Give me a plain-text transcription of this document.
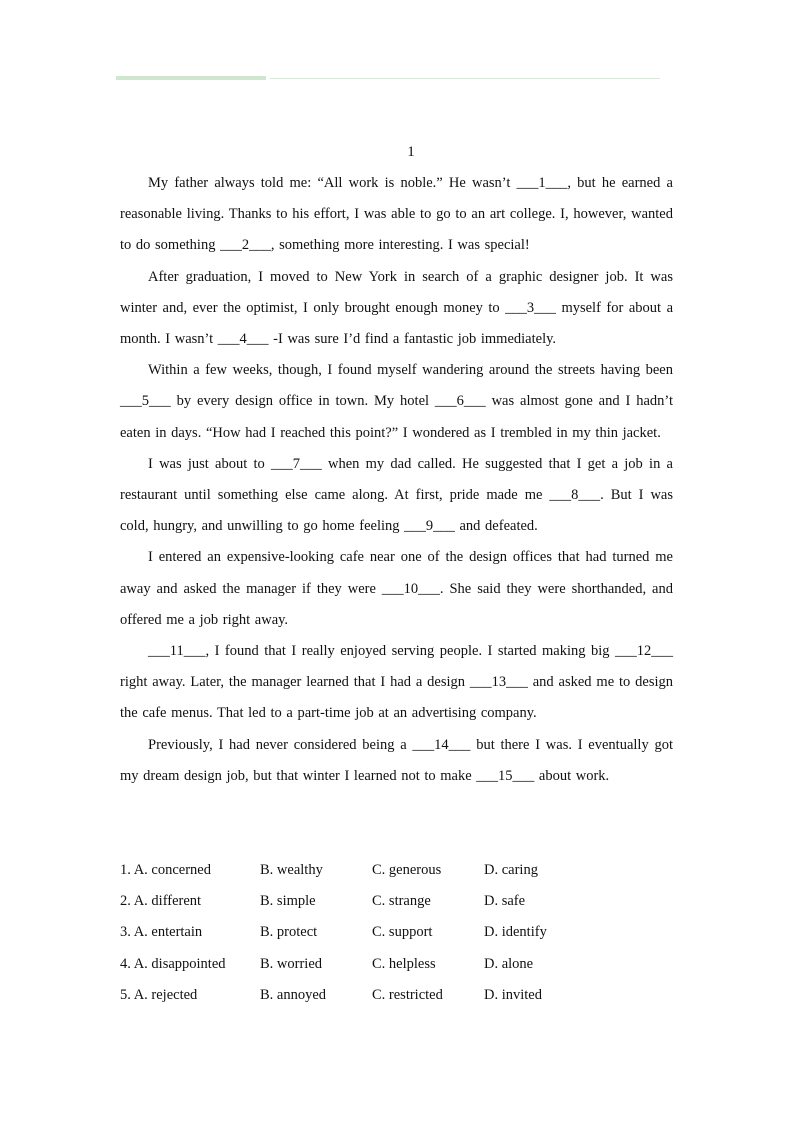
1

My father always told me: “All work is noble.” He wasn’t ___1___, but he earned a reasonable living. Thanks to his effort, I was able to go to an art college. I, however, wanted to do something ___2___, something more interesting. I was special!

After graduation, I moved to New York in search of a graphic designer job. It was winter and, ever the optimist, I only brought enough money to ___3___ myself for about a month. I wasn’t ___4___ -I was sure I’d find a fantastic job immediately.

Within a few weeks, though, I found myself wandering around the streets having been ___5___ by every design office in town. My hotel ___6___ was almost gone and I hadn’t eaten in days. “How had I reached this point?” I wondered as I trembled in my thin jacket.

I was just about to ___7___ when my dad called. He suggested that I get a job in a restaurant until something else came along. At first, pride made me ___8___. But I was cold, hungry, and unwilling to go home feeling ___9___ and defeated.

I entered an expensive-looking cafe near one of the design offices that had turned me away and asked the manager if they were ___10___. She said they were shorthanded, and offered me a job right away.

___11___, I found that I really enjoyed serving people. I started making big ___12___ right away. Later, the manager learned that I had a design ___13___ and asked me to design the cafe menus. That led to a part-time job at an advertising company.

Previously, I had never considered being a ___14___ but there I was. I eventually got my dream design job, but that winter I learned not to make ___15___ about work.

1. A. concerned	B. wealthy	C. generous	D. caring
2. A. different	B. simple	C. strange	D. safe
3. A. entertain	B. protect	C. support	D. identify
4. A. disappointed B. worried	C. helpless	D. alone
5. A. rejected	B. annoyed	C. restricted	D. invited
